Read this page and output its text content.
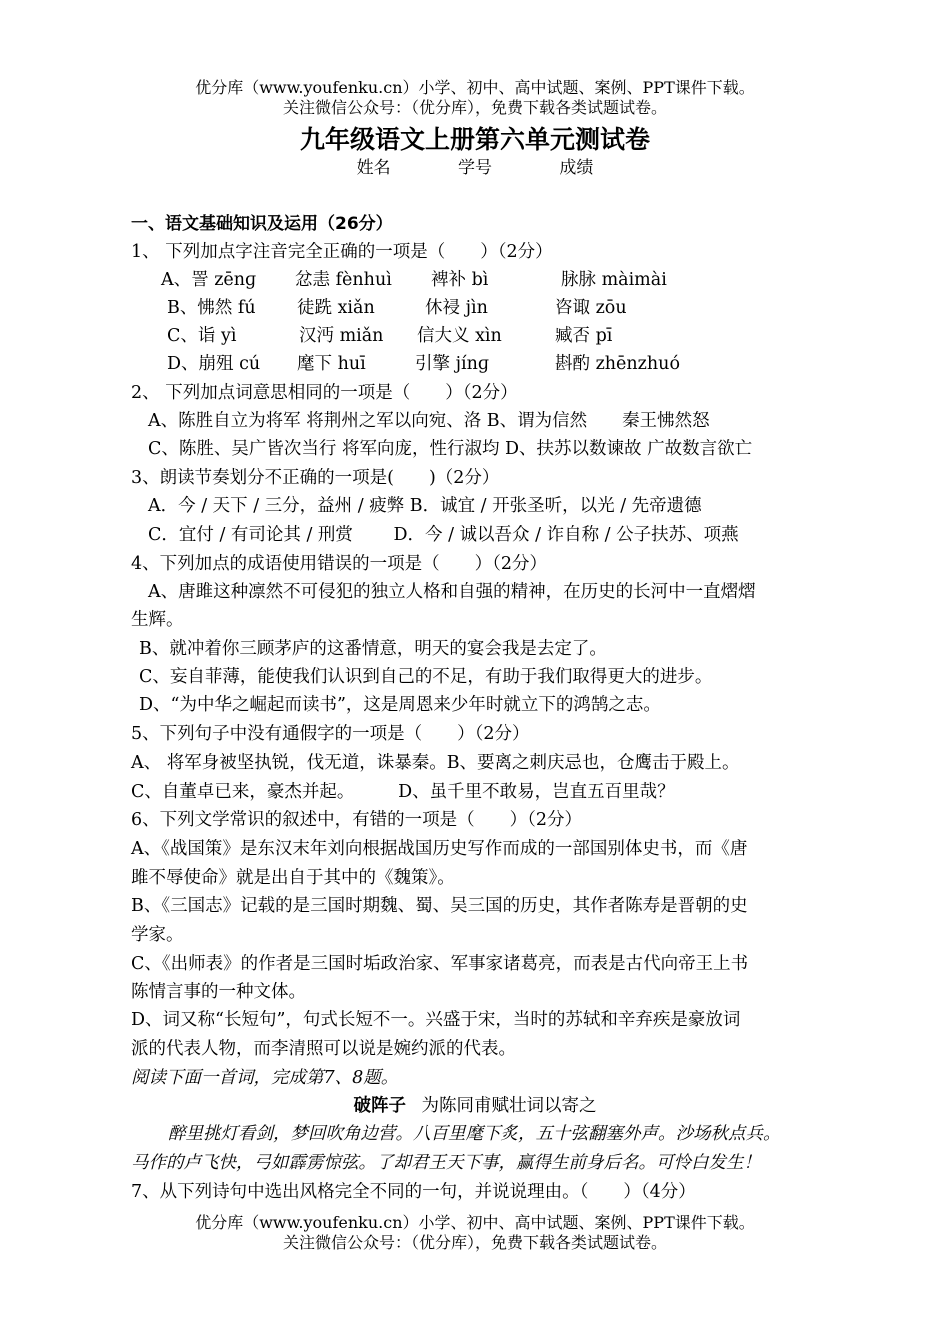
优分库（www.youfenku.cn）小学、初中、高中试题、案例、PPT课件下载。
关注微信公众号：（优分库），免费下载各类试题试卷。
九年级语文上册第六单元测试卷
姓名	学号	成绩
一、语文基础知识及运用（26分）
1、 下列加点字注音完全正确的一项是（　　）（2分）
A、詈 zēnɡ 忿恚 fènhuì 裨补 bì	脉脉 màimài
B、怫然 fú 徒跣 xiǎn	休祲 jìn	咨诹 zōu
C、诣 yì	汉沔 miǎn 信大义 xìn	臧否 pī
D、崩殂 cú 麾下 huī	引擎 jínɡ	斟酌 zhēnzhuó
2、 下列加点词意思相同的一项是（　　）（2分）
A、陈胜自立为将军 将荆州之军以向宛、洛 B、谓为信然　　秦王怫然怒
C、陈胜、吴广皆次当行 将军向庞，性行淑均 D、扶苏以数谏故 广故数言欲亡
3、朗读节奏划分不正确的一项是(　　)（2分）
A．今 / 天下 / 三分，益州 / 疲弊 B．诚宜 / 开张圣听，以光 / 先帝遗德
C．宜付 / 有司论其 / 刑赏　　 D．今 / 诚以吾众 / 诈自称 / 公子扶苏、项燕
4、下列加点的成语使用错误的一项是（　　）（2分）
A、唐雎这种凛然不可侵犯的独立人格和自强的精神，在历史的长河中一直熠熠
生辉。
B、就冲着你三顾茅庐的这番情意，明天的宴会我是去定了。
C、妄自菲薄，能使我们认识到自己的不足，有助于我们取得更大的进步。
D、“为中华之崛起而读书”，这是周恩来少年时就立下的鸿鹄之志。
5、下列句子中没有通假字的一项是（　　）（2分）
A、 将军身被坚执锐，伐无道，诛暴秦。B、要离之刺庆忌也，仓鹰击于殿上。
C、自董卓已来，豪杰并起。　　　D、虽千里不敢易，岂直五百里哉？
6、下列文学常识的叙述中，有错的一项是（　　）（2分）
A、《战国策》是东汉末年刘向根据战国历史写作而成的一部国别体史书，而《唐
雎不辱使命》就是出自于其中的《魏策》。
B、《三国志》记载的是三国时期魏、蜀、吴三国的历史，其作者陈寿是晋朝的史
学家。
C、《出师表》的作者是三国时垢政治家、军事家诸葛亮，而表是古代向帝王上书
陈情言事的一种文体。
D、词又称“长短句”，句式长短不一。兴盛于宋，当时的苏轼和辛弃疾是豪放词
派的代表人物，而李清照可以说是婉约派的代表。
阅读下面一首词，完成第7、8题。
破阵子 为陈同甫赋壮词以寄之
醉里挑灯看剑，梦回吹角边营。八百里麾下炙，五十弦翻塞外声。沙场秋点兵。
马作的卢飞快，弓如霹雳惊弦。了却君王天下事，赢得生前身后名。可怜白发生！
7、从下列诗句中选出风格完全不同的一句，并说说理由。（　　）（4分）
优分库（www.youfenku.cn）小学、初中、高中试题、案例、PPT课件下载。
关注微信公众号：（优分库），免费下载各类试题试卷。
